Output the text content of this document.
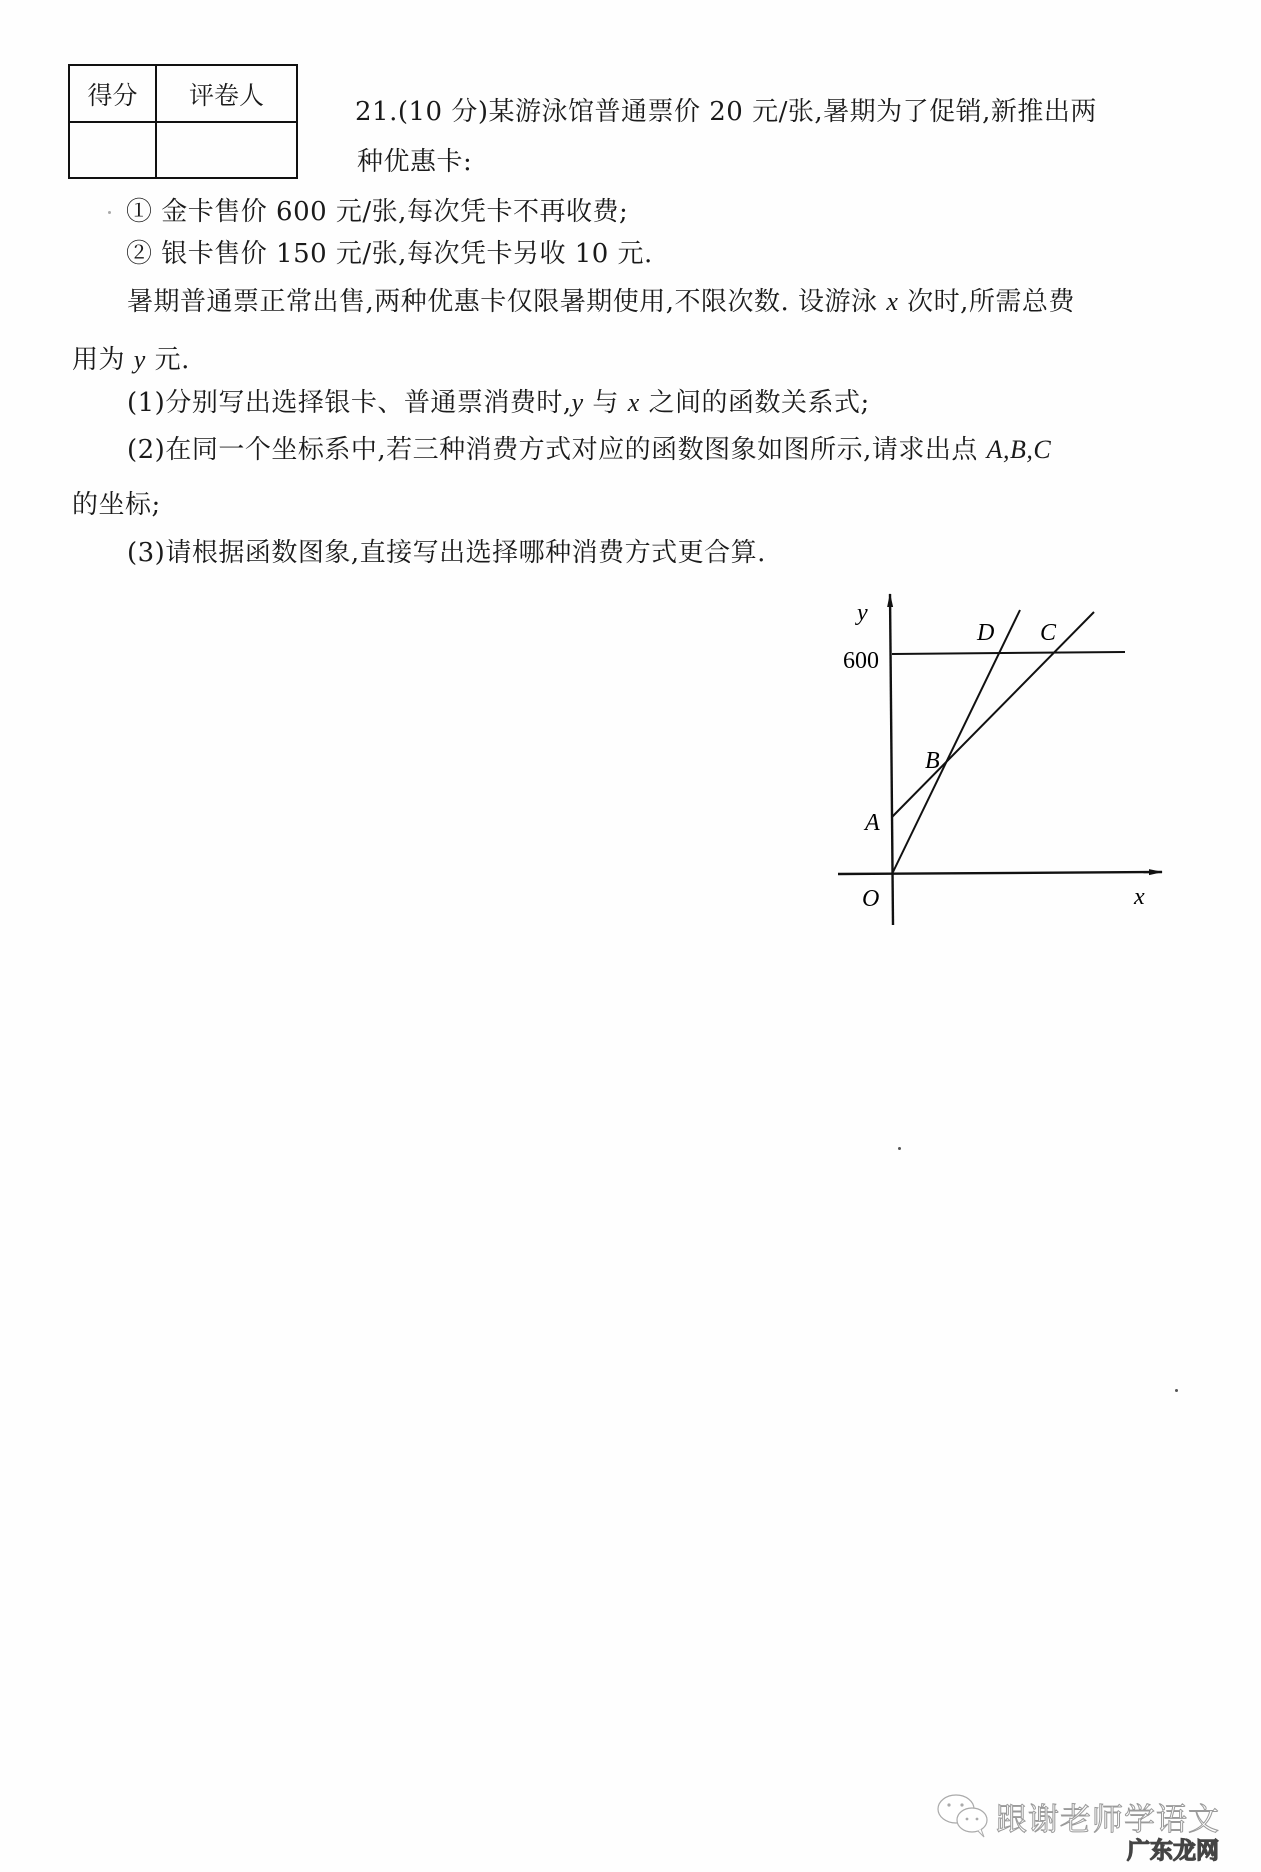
得分	评卷人
21.(10 分)某游泳馆普通票价 20 元/张,暑期为了促销,新推出两
种优惠卡:
① 金卡售价 600 元/张,每次凭卡不再收费;
② 银卡售价 150 元/张,每次凭卡另收 10 元.
暑期普通票正常出售,两种优惠卡仅限暑期使用,不限次数. 设游泳 x 次时,所需总费
用为 y 元.
(1)分别写出选择银卡、普通票消费时,y 与 x 之间的函数关系式;
(2)在同一个坐标系中,若三种消费方式对应的函数图象如图所示,请求出点 A,B,C
的坐标;
(3)请根据函数图象,直接写出选择哪种消费方式更合算.
y
600
D C
B
A
O	x
跟谢老师学语文
广东龙网
